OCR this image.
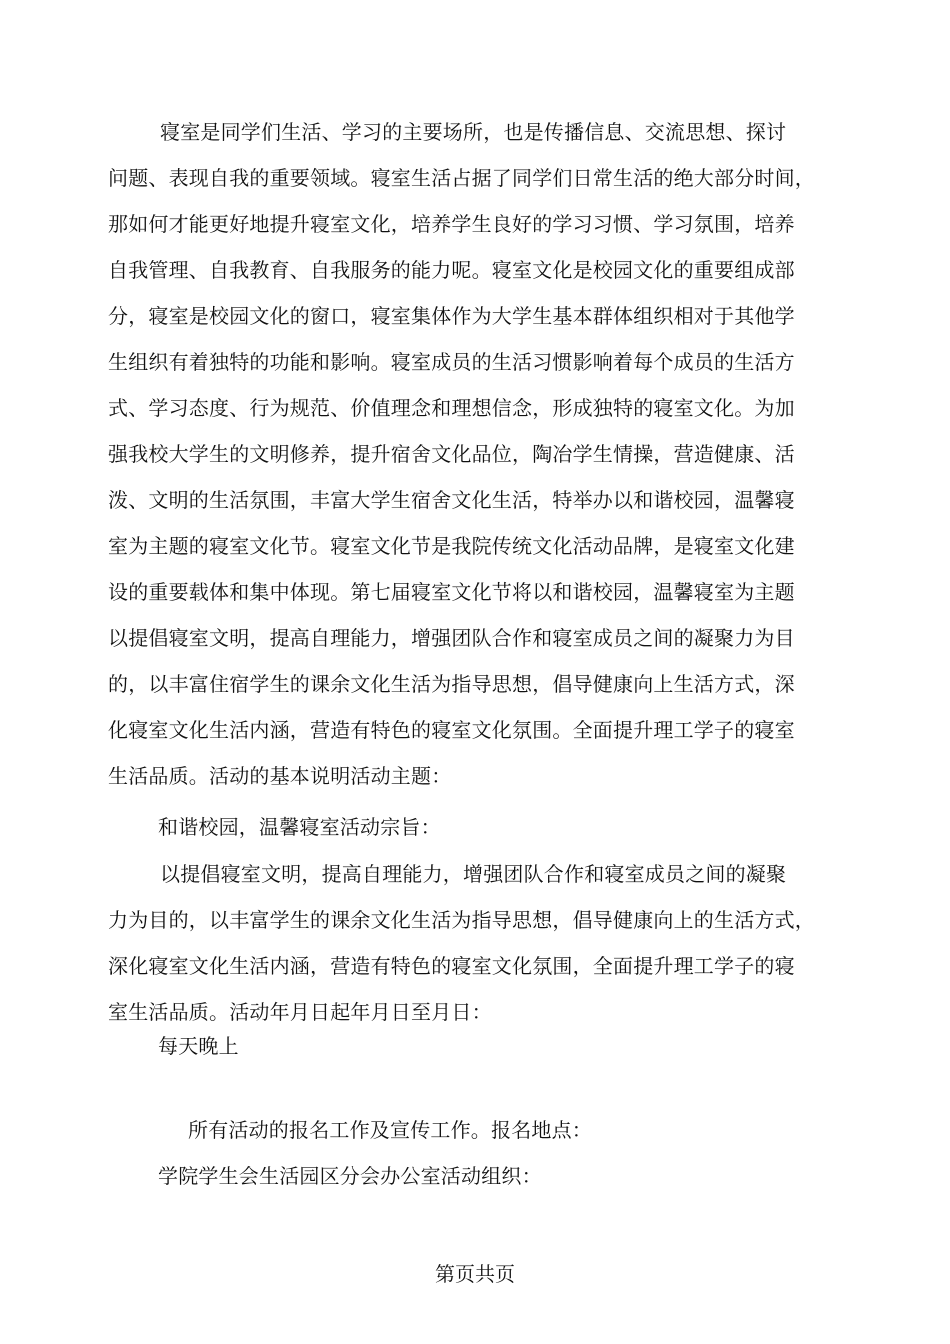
寝室是同学们生活、学习的主要场所，也是传播信息、交流思想、探讨
问题、表现自我的重要领域。寝室生活占据了同学们日常生活的绝大部分时间，
那如何才能更好地提升寝室文化，培养学生良好的学习习惯、学习氛围，培养
自我管理、自我教育、自我服务的能力呢。寝室文化是校园文化的重要组成部
分，寝室是校园文化的窗口，寝室集体作为大学生基本群体组织相对于其他学
生组织有着独特的功能和影响。寝室成员的生活习惯影响着每个成员的生活方
式、学习态度、行为规范、价值理念和理想信念，形成独特的寝室文化。为加
强我校大学生的文明修养，提升宿舍文化品位，陶冶学生情操，营造健康、活
泼、文明的生活氛围，丰富大学生宿舍文化生活，特举办以和谐校园，温馨寝
室为主题的寝室文化节。寝室文化节是我院传统文化活动品牌，是寝室文化建
设的重要载体和集中体现。第七届寝室文化节将以和谐校园，温馨寝室为主题
以提倡寝室文明，提高自理能力，增强团队合作和寝室成员之间的凝聚力为目
的，以丰富住宿学生的课余文化生活为指导思想，倡导健康向上生活方式，深
化寝室文化生活内涵，营造有特色的寝室文化氛围。全面提升理工学子的寝室
生活品质。活动的基本说明活动主题：
和谐校园，温馨寝室活动宗旨：
以提倡寝室文明，提高自理能力，增强团队合作和寝室成员之间的凝聚
力为目的，以丰富学生的课余文化生活为指导思想，倡导健康向上的生活方式，
深化寝室文化生活内涵，营造有特色的寝室文化氛围，全面提升理工学子的寝
室生活品质。活动年月日起年月日至月日：
每天晚上
所有活动的报名工作及宣传工作。报名地点：
学院学生会生活园区分会办公室活动组织：
第页共页
